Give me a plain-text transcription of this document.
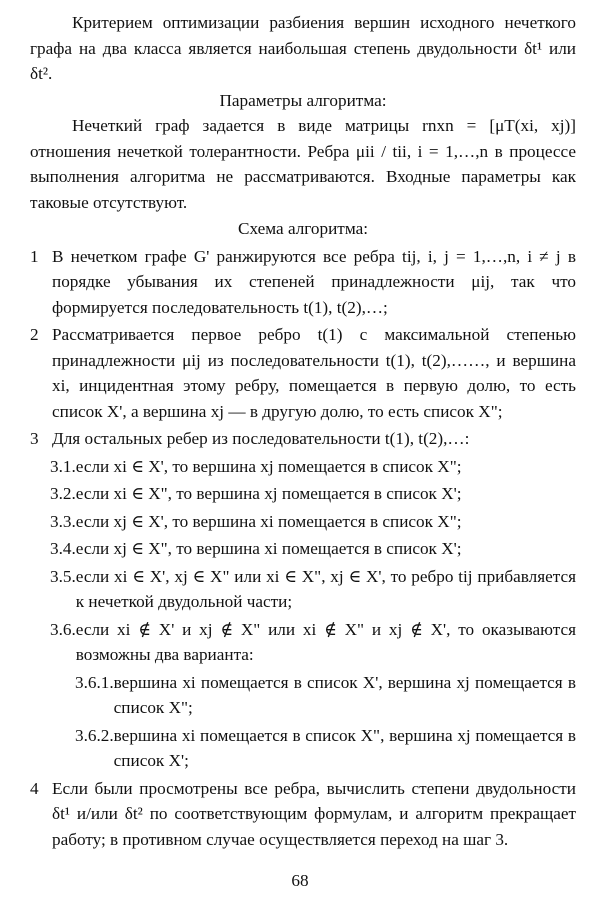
Критерием оптимизации разбиения вершин исходного нечеткого графа на два класса является наибольшая степень двудольности δt¹ или δt².

Параметры алгоритма:

Нечеткий граф задается в виде матрицы rnxn = [μT(xi, xj)] отношения нечеткой толерантности. Ребра μii / tii, i = 1,…,n в процессе выполнения алгоритма не рассматриваются. Входные параметры как таковые отсутствуют.

Схема алгоритма:

1 В нечетком графе G' ранжируются все ребра tij, i, j = 1,…,n, i ≠ j в порядке убывания их степеней принадлежности μij, так что формируется последовательность t(1), t(2),…;
2 Рассматривается первое ребро t(1) с максимальной степенью принадлежности μij из последовательности t(1), t(2),……, и вершина xi, инцидентная этому ребру, помещается в первую долю, то есть список X', а вершина xj — в другую долю, то есть список X";
3 Для остальных ребер из последовательности t(1), t(2),…:
3.1. если xi ∈ X', то вершина xj помещается в список X";
3.2. если xi ∈ X", то вершина xj помещается в список X';
3.3. если xj ∈ X', то вершина xi помещается в список X";
3.4. если xj ∈ X", то вершина xi помещается в список X';
3.5. если xi ∈ X', xj ∈ X" или xi ∈ X", xj ∈ X', то ребро tij прибавляется к нечеткой двудольной части;
3.6. если xi ∉ X' и xj ∉ X" или xi ∉ X" и xj ∉ X', то оказываются возможны два варианта:
3.6.1. вершина xi помещается в список X', вершина xj помещается в список X";
3.6.2. вершина xi помещается в список X", вершина xj помещается в список X';
4 Если были просмотрены все ребра, вычислить степени двудольности δt¹ и/или δt² по соответствующим формулам, и алгоритм прекращает работу; в противном случае осуществляется переход на шаг 3.
68
